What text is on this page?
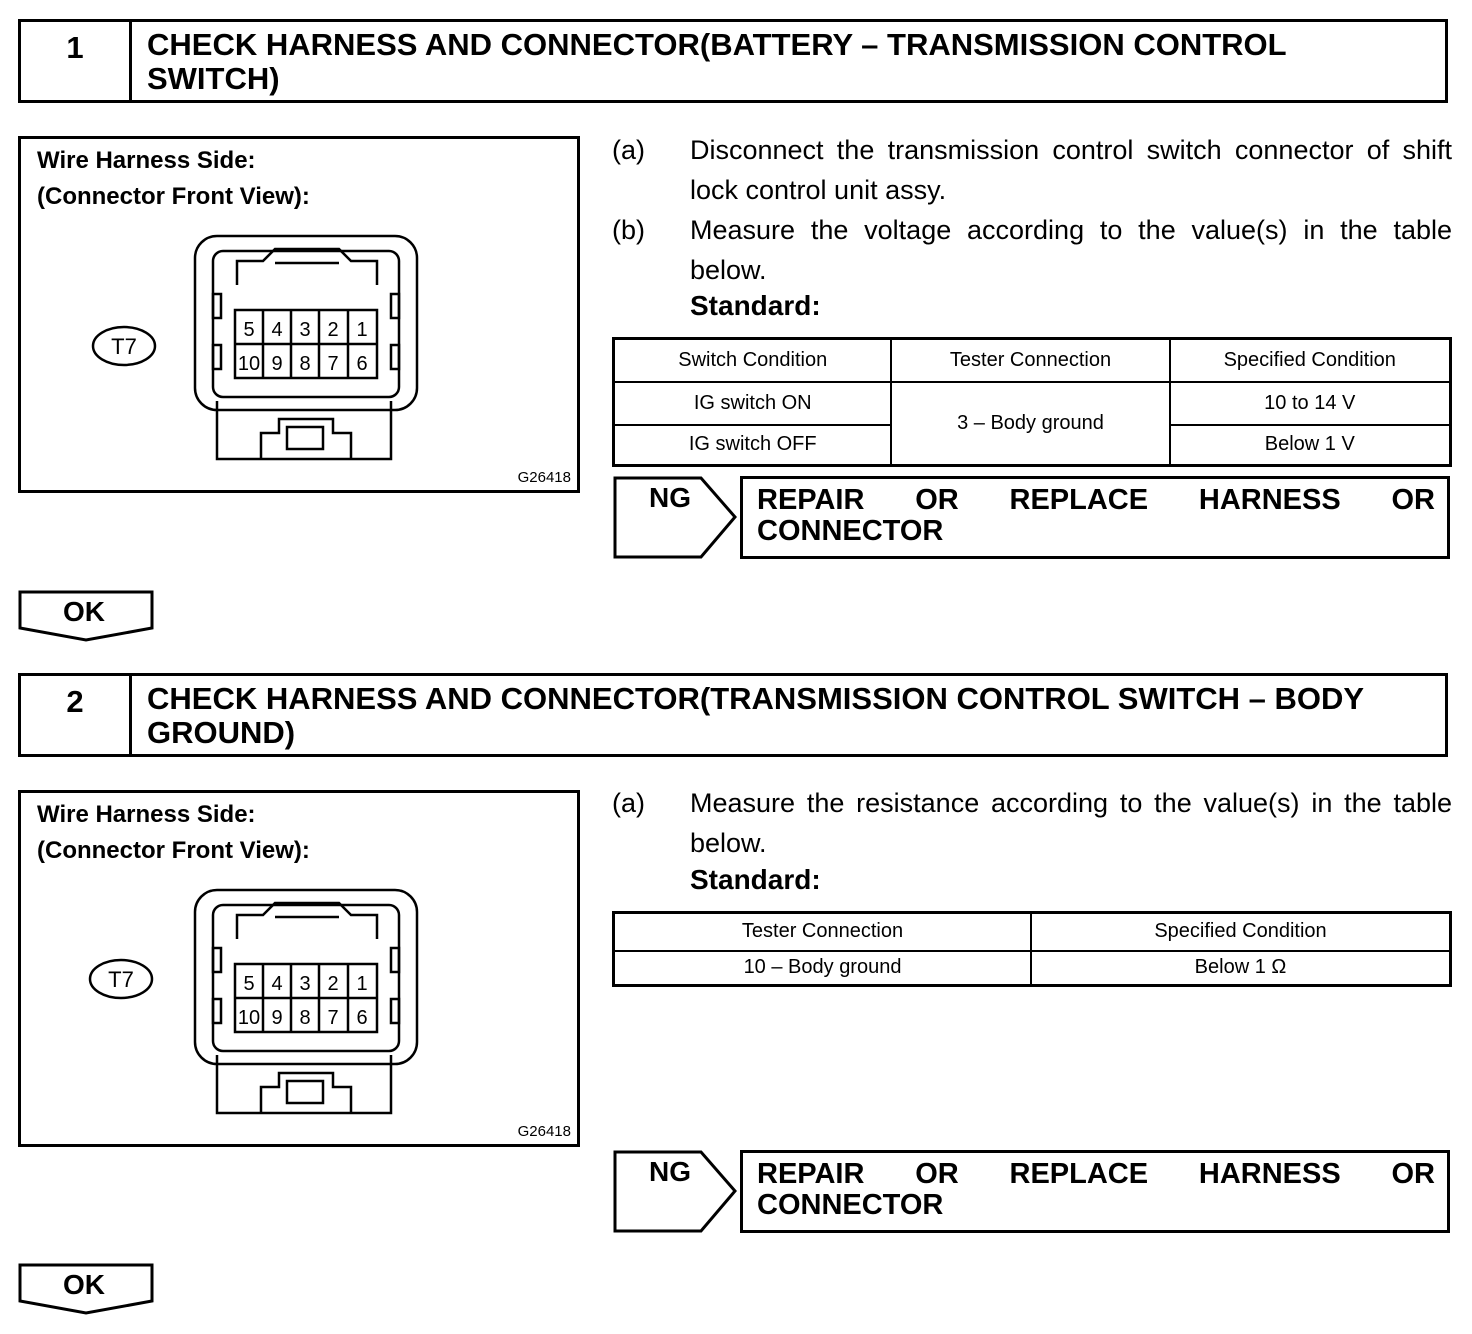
1	CHECK HARNESS AND CONNECTOR(BATTERY – TRANSMISSION CONTROL SWITCH)
Wire Harness Side:
(Connector Front View):
5 4 3 2 1
10 9 8 7 6
T7
G26418
(a) Disconnect the transmission control switch connector of shift lock control unit assy.
(b) Measure the voltage according to the value(s) in the table below.
Standard:
Switch Condition	Tester Connection	Specified Condition
IG switch ON	3 – Body ground	10 to 14 V
IG switch OFF		Below 1 V
NG REPAIR OR REPLACE HARNESS OR
CONNECTOR
OK
2	CHECK HARNESS AND CONNECTOR(TRANSMISSION CONTROL SWITCH – BODY GROUND)
Wire Harness Side:
(Connector Front View):
5 4 3 2 1
10 9 8 7 6
T7
G26418
(a) Measure the resistance according to the value(s) in the table below.
Standard:
Tester Connection	Specified Condition
10 – Body ground	Below 1 Ω
NG REPAIR OR REPLACE HARNESS OR
CONNECTOR
OK
